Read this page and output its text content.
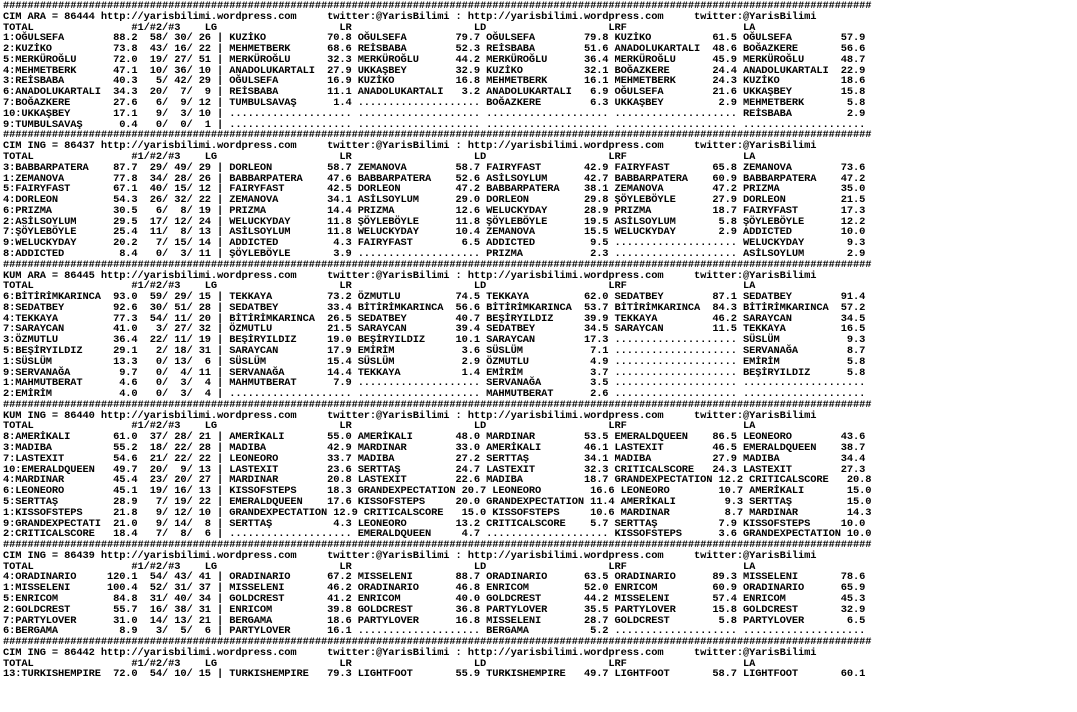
##############################################################################################################################################
CIM ARA = 86444 http://yarisbilimi.wordpress.com     twitter:@YarisBilimi : http://yarisbilimi.wordpress.com     twitter:@YarisBilimi
TOTAL                #1/#2/#3    LG                    LR                    LD                    LRF                   LA
1:OĞULSEFA        88.2  58/ 30/ 26 | KUZİKO          70.8 OĞULSEFA        79.7 OĞULSEFA        79.8 KUZİKO          61.5 OĞULSEFA        57.9
2:KUZİKO          73.8  43/ 16/ 22 | MEHMETBERK      68.6 REİSBABA        52.3 REİSBABA        51.6 ANADOLUKARTALI  48.6 BOĞAZKERE       56.6
5:MERKÜROĞLU      72.0  19/ 27/ 51 | MERKÜROĞLU      32.3 MERKÜROĞLU      44.2 MERKÜROĞLU      36.4 MERKÜROĞLU      45.9 MERKÜROĞLU      48.7
4:MEHMETBERK      47.1  10/ 36/ 10 | ANADOLUKARTALI  27.9 UKKAŞBEY        32.9 KUZİKO          32.1 BOĞAZKERE       24.4 ANADOLUKARTALI  22.9
3:REİSBABA        40.3   5/ 42/ 29 | OĞULSEFA        16.9 KUZİKO          16.8 MEHMETBERK      16.1 MEHMETBERK      24.3 KUZİKO          18.6
6:ANADOLUKARTALI  34.3  20/  7/  9 | REİSBABA        11.1 ANADOLUKARTALI   3.2 ANADOLUKARTALI   6.9 OĞULSEFA        21.6 UKKAŞBEY        15.8
7:BOĞAZKERE       27.6   6/  9/ 12 | TUMBULSAVAŞ      1.4 .................... BOĞAZKERE        6.3 UKKAŞBEY         2.9 MEHMETBERK       5.8
10:UKKAŞBEY       17.1   9/  3/ 10 | .................... .................... .................... .................... REİSBABA         2.9
9:TUMBULSAVAŞ      0.4   0/  0/  1 | .................... .................... .................... .................... ....................
##############################################################################################################################################
CIM ING = 86437 http://yarisbilimi.wordpress.com     twitter:@YarisBilimi : http://yarisbilimi.wordpress.com     twitter:@YarisBilimi
TOTAL                #1/#2/#3    LG                    LR                    LD                    LRF                   LA
3:BABBARPATERA    87.7  29/ 49/ 29 | DORLEON         58.7 ZEMANOVA        58.7 FAIRYFAST       42.9 FAIRYFAST       65.8 ZEMANOVA        73.6
1:ZEMANOVA        77.8  34/ 28/ 26 | BABBARPATERA    47.6 BABBARPATERA    52.6 ASİLSOYLUM      42.7 BABBARPATERA    60.9 BABBARPATERA    47.2
5:FAIRYFAST       67.1  40/ 15/ 12 | FAIRYFAST       42.5 DORLEON         47.2 BABBARPATERA    38.1 ZEMANOVA        47.2 PRIZMA          35.0
4:DORLEON         54.3  26/ 32/ 22 | ZEMANOVA        34.1 ASİLSOYLUM      29.0 DORLEON         29.8 ŞÖYLEBÖYLE      27.9 DORLEON         21.5
6:PRIZMA          30.5   6/  8/ 19 | PRIZMA          14.4 PRIZMA          12.6 WELUCKYDAY      28.9 PRIZMA          18.7 FAIRYFAST       17.3
2:ASİLSOYLUM      29.5  17/ 12/ 24 | WELUCKYDAY      11.8 ŞÖYLEBÖYLE      11.8 ŞÖYLEBÖYLE      19.5 ASİLSOYLUM       5.8 ŞÖYLEBÖYLE      12.2
7:ŞÖYLEBÖYLE      25.4  11/  8/ 13 | ASİLSOYLUM      11.8 WELUCKYDAY      10.4 ZEMANOVA        15.5 WELUCKYDAY       2.9 ADDICTED        10.0
9:WELUCKYDAY      20.2   7/ 15/ 14 | ADDICTED         4.3 FAIRYFAST        6.5 ADDICTED         9.5 .................... WELUCKYDAY       9.3
8:ADDICTED         8.4   0/  3/ 11 | ŞÖYLEBÖYLE       3.9 .................... PRIZMA           2.3 .................... ASİLSOYLUM       2.9
##############################################################################################################################################
KUM ARA = 86445 http://yarisbilimi.wordpress.com     twitter:@YarisBilimi : http://yarisbilimi.wordpress.com     twitter:@YarisBilimi
TOTAL                #1/#2/#3    LG                    LR                    LD                    LRF                   LA
6:BİTİRİMKARINCA  93.0  59/ 29/ 15 | TEKKAYA         73.2 ÖZMUTLU         74.5 TEKKAYA         62.0 SEDATBEY        87.1 SEDATBEY        91.4
8:SEDATBEY        92.6  30/ 51/ 28 | SEDATBEY        33.4 BİTİRİMKARINCA  56.6 BİTİRİMKARINCA  53.7 BİTİRİMKARINCA  84.3 BİTİRİMKARINCA  57.2
4:TEKKAYA         77.3  54/ 11/ 20 | BİTİRİMKARINCA  26.5 SEDATBEY        40.7 BEŞİRYILDIZ     39.9 TEKKAYA         46.2 SARAYCAN        34.5
7:SARAYCAN        41.0   3/ 27/ 32 | ÖZMUTLU         21.5 SARAYCAN        39.4 SEDATBEY        34.5 SARAYCAN        11.5 TEKKAYA         16.5
3:ÖZMUTLU         36.4  22/ 11/ 19 | BEŞİRYILDIZ     19.0 BEŞİRYILDIZ     10.1 SARAYCAN        17.3 .................... SÜSLÜM           9.3
5:BEŞİRYILDIZ     29.1   2/ 18/ 31 | SARAYCAN        17.9 EMİRİM           3.6 SÜSLÜM           7.1 .................... SERVANAĞA        8.7
1:SÜSLÜM          13.3   0/ 13/  6 | SÜSLÜM          15.4 SÜSLÜM           2.9 ÖZMUTLU          4.9 .................... EMİRİM           5.8
9:SERVANAĞA        9.7   0/  4/ 11 | SERVANAĞA       14.4 TEKKAYA          1.4 EMİRİM           3.7 .................... BEŞİRYILDIZ      5.8
1:MAHMUTBERAT      4.6   0/  3/  4 | MAHMUTBERAT      7.9 .................... SERVANAĞA        3.5 .................... ....................
2:EMİRİM           4.0   0/  3/  4 | .................... .................... MAHMUTBERAT      2.6 .................... ....................
##############################################################################################################################################
KUM ING = 86440 http://yarisbilimi.wordpress.com     twitter:@YarisBilimi : http://yarisbilimi.wordpress.com     twitter:@YarisBilimi
TOTAL                #1/#2/#3    LG                    LR                    LD                    LRF                   LA
8:AMERİKALI       61.0  37/ 28/ 21 | AMERİKALI       55.0 AMERİKALI       48.0 MARDINAR        53.5 EMERALDQUEEN    86.5 LEONEORO        43.6
3:MADIBA          55.2  18/ 22/ 28 | MADIBA          42.9 MARDINAR        33.0 AMERİKALI       46.1 LASTEXIT        46.5 EMERALDQUEEN    38.7
7:LASTEXIT        54.6  21/ 22/ 22 | LEONEORO        33.7 MADIBA          27.2 SERTTAŞ         34.1 MADIBA          27.9 MADIBA          34.4
10:EMERALDQUEEN   49.7  20/  9/ 13 | LASTEXIT        23.6 SERTTAŞ         24.7 LASTEXIT        32.3 CRITICALSCORE   24.3 LASTEXIT        27.3
4:MARDINAR        45.4  23/ 20/ 27 | MARDINAR        20.8 LASTEXIT        22.6 MADIBA          18.7 GRANDEXPECTATION 12.2 CRITICALSCORE   20.8
6:LEONEORO        45.1  19/ 16/ 13 | KISSOFSTEPS     18.3 GRANDEXPECTATION 20.7 LEONEORO        16.6 LEONEORO        10.7 AMERİKALI       15.0
5:SERTTAŞ         28.9   7/ 19/ 22 | EMERALDQUEEN    17.6 KISSOFSTEPS     20.0 GRANDEXPECTATION 11.4 AMERİKALI        9.3 SERTTAŞ         15.0
1:KISSOFSTEPS     21.8   9/ 12/ 10 | GRANDEXPECTATION 12.9 CRITICALSCORE   15.0 KISSOFSTEPS     10.6 MARDINAR         8.7 MARDINAR        14.3
9:GRANDEXPECTATI  21.0   9/ 14/  8 | SERTTAŞ          4.3 LEONEORO        13.2 CRITICALSCORE    5.7 SERTTAŞ          7.9 KISSOFSTEPS     10.0
2:CRITICALSCORE   18.4   7/  8/  6 | .................... EMERALDQUEEN     4.7 .................... KISSOFSTEPS      3.6 GRANDEXPECTATION 10.0
##############################################################################################################################################
CIM ING = 86439 http://yarisbilimi.wordpress.com     twitter:@YarisBilimi : http://yarisbilimi.wordpress.com     twitter:@YarisBilimi
TOTAL                #1/#2/#3    LG                    LR                    LD                    LRF                   LA
4:ORADINARIO     120.1  54/ 43/ 41 | ORADINARIO      67.2 MISSELENI       88.7 ORADINARIO      63.5 ORADINARIO      89.3 MISSELENI       78.6
1:MISSELENI      100.4  52/ 31/ 37 | MISSELENI       46.2 ORADINARIO      46.8 ENRICOM         52.0 ENRICOM         60.9 ORADINARIO      65.9
5:ENRICOM         84.8  31/ 40/ 34 | GOLDCREST       41.2 ENRICOM         40.0 GOLDCREST       44.2 MISSELENI       57.4 ENRICOM         45.3
2:GOLDCREST       55.7  16/ 38/ 31 | ENRICOM         39.8 GOLDCREST       36.8 PARTYLOVER      35.5 PARTYLOVER      15.8 GOLDCREST       32.9
7:PARTYLOVER      31.0  14/ 13/ 21 | BERGAMA         18.6 PARTYLOVER      16.8 MISSELENI       28.7 GOLDCREST        5.8 PARTYLOVER       6.5
6:BERGAMA          8.9   3/  5/  6 | PARTYLOVER      16.1 .................... BERGAMA          5.2 .................... ....................
##############################################################################################################################################
CIM ING = 86442 http://yarisbilimi.wordpress.com     twitter:@YarisBilimi : http://yarisbilimi.wordpress.com     twitter:@YarisBilimi
TOTAL                #1/#2/#3    LG                    LR                    LD                    LRF                   LA
13:TURKISHEMPIRE  72.0  54/ 10/ 15 | TURKISHEMPIRE   79.3 LIGHTFOOT       55.9 TURKISHEMPIRE   49.7 LIGHTFOOT       58.7 LIGHTFOOT       60.1
